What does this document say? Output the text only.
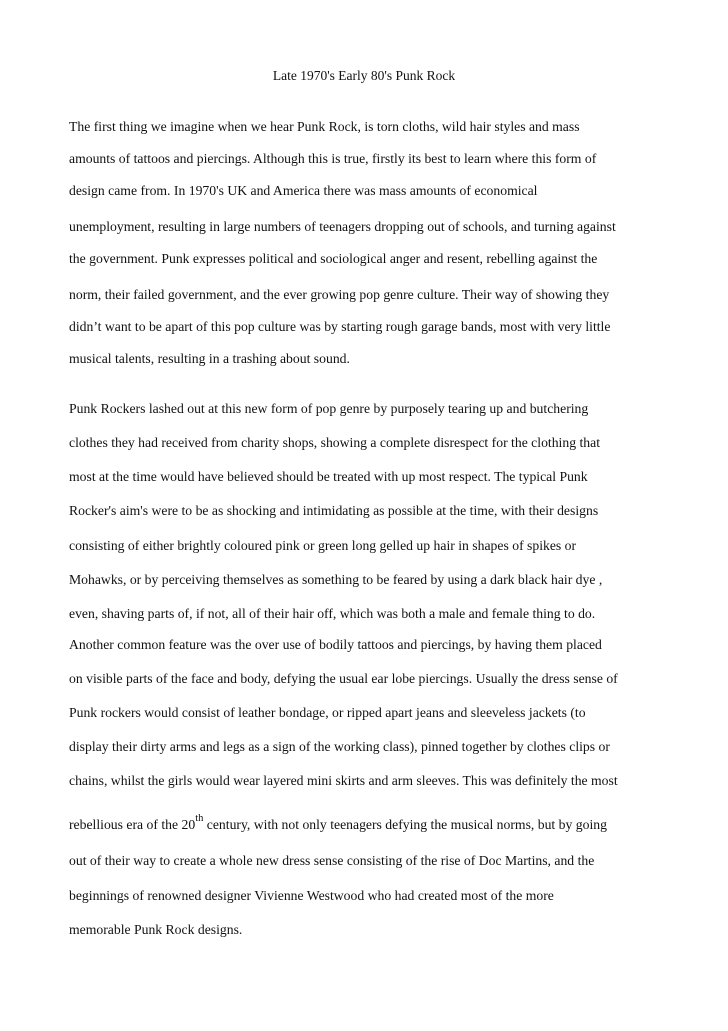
Late 1970's Early 80's Punk Rock
The first thing we imagine when we hear Punk Rock, is torn cloths, wild hair styles and mass
amounts of tattoos and piercings. Although this is true, firstly its best to learn where this form of
design came from. In 1970's UK and America there was mass amounts of economical
unemployment, resulting in large numbers of teenagers dropping out of schools, and turning against
the government. Punk expresses political and sociological anger and resent, rebelling against the
norm, their failed government, and the ever growing pop genre culture. Their way of showing they
didn’t want to be apart of this pop culture was by starting rough garage bands, most with very little
musical talents, resulting in a trashing about sound.
Punk Rockers lashed out at this new form of pop genre by purposely tearing up and butchering
clothes they had received from charity shops, showing a complete disrespect for the clothing that
most at the time would have believed should be treated with up most respect. The typical Punk
Rocker's aim's were to be as shocking and intimidating as possible at the time, with their designs
consisting of either brightly coloured pink or green long gelled up hair in shapes of spikes or
Mohawks, or by perceiving themselves as something to be feared by using a dark black hair dye ,
even, shaving parts of, if not, all of their hair off, which was both a male and female thing to do.
Another common feature was the over use of bodily tattoos and piercings, by having them placed
on visible parts of the face and body, defying the usual ear lobe piercings. Usually the dress sense of
Punk rockers would consist of leather bondage, or ripped apart jeans and sleeveless jackets (to
display their dirty arms and legs as a sign of the working class), pinned together by clothes clips or
chains, whilst the girls would wear layered mini skirts and arm sleeves. This was definitely the most
rebellious era of the 20th century, with not only teenagers defying the musical norms, but by going
out of their way to create a whole new dress sense consisting of the rise of Doc Martins, and the
beginnings of renowned designer Vivienne Westwood who had created most of the more
memorable Punk Rock designs.
